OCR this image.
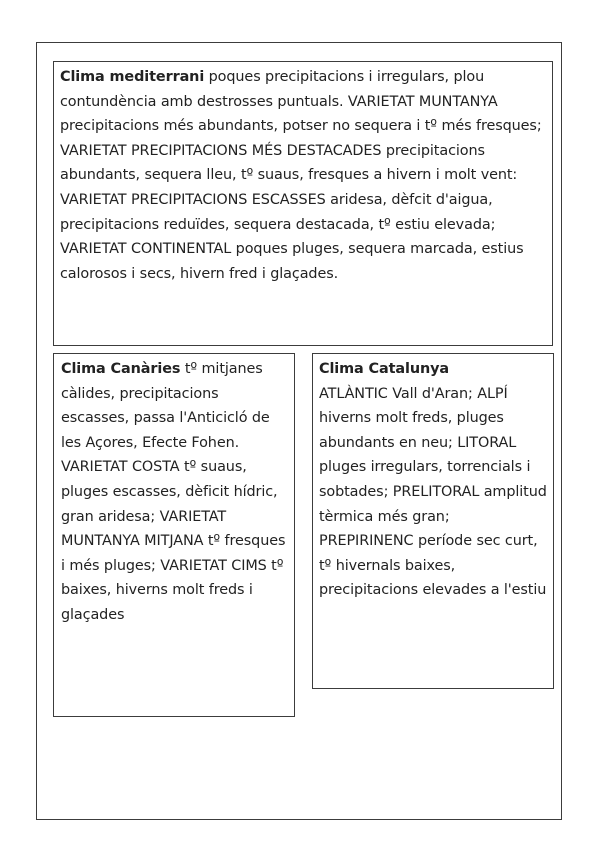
Clima mediterrani poques precipitacions i irregulars, plou contundència amb destrosses puntuals. VARIETAT MUNTANYA precipitacions més abundants, potser no sequera i tº més fresques; VARIETAT PRECIPITACIONS MÉS DESTACADES precipitacions abundants, sequera lleu, tº suaus, fresques a hivern i molt vent: VARIETAT PRECIPITACIONS ESCASSES aridesa, dèfcit d'aigua, precipitacions reduïdes, sequera destacada, tº estiu elevada; VARIETAT CONTINENTAL poques pluges, sequera marcada, estius calorosos i secs, hivern fred i glaçades.
Clima Canàries tº mitjanes càlides, precipitacions escasses, passa l'Anticicló de les Açores, Efecte Fohen. VARIETAT COSTA tº suaus, pluges escasses, dèficit hídric, gran aridesa; VARIETAT MUNTANYA MITJANA tº fresques i més pluges; VARIETAT CIMS tº baixes, hiverns molt freds i glaçades
Clima Catalunya
ATLÀNTIC Vall d'Aran; ALPÍ hiverns molt freds, pluges abundants en neu; LITORAL pluges irregulars, torrencials i sobtades; PRELITORAL amplitud tèrmica més gran; PREPIRINENC període sec curt, tº hivernals baixes, precipitacions elevades a l'estiu
